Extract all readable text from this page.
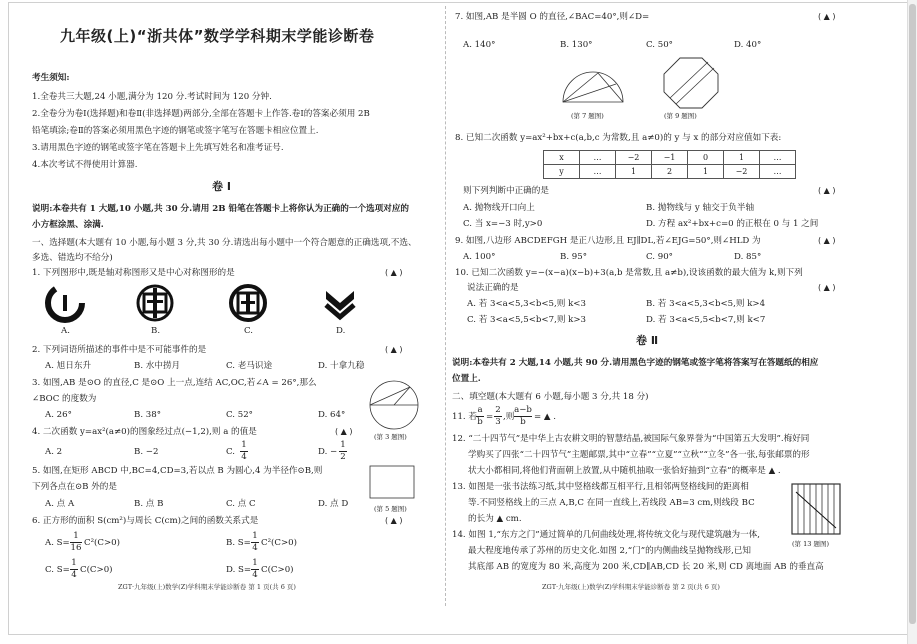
九年级(上)“浙共体”数学学科期末学能诊断卷
考生须知:
1.全卷共三大题,24 小题,满分为 120 分.考试时间为 120 分钟.
2.全卷分为卷Ⅰ(选择题)和卷Ⅱ(非选择题)两部分,全部在答题卡上作答.卷Ⅰ的答案必须用 2B
铅笔填涂;卷Ⅱ的答案必须用黑色字迹的钢笔或签字笔写在答题卡相应位置上.
3.请用黑色字迹的钢笔或签字笔在答题卡上先填写姓名和准考证号.
4.本次考试不得使用计算器.
卷 Ⅰ
说明:本卷共有 1 大题,10 小题,共 30 分.请用 2B 铅笔在答题卡上将你认为正确的一个选项对应的
小方框涂黑、涂满.
一、选择题(本大题有 10 小题,每小题 3 分,共 30 分.请选出每小题中一个符合题意的正确选项,不选、
多选、错选均不给分)
1. 下列图形中,既是轴对称图形又是中心对称图形的是	( ▲ )
A.	B.	C.	D.
2. 下列词语所描述的事件中是不可能事件的是	( ▲ )
A. 旭日东升	B. 水中捞月	C. 老马识途	D. 十拿九稳
3. 如图,AB 是⊙O 的直径,C 是⊙O 上一点,连结 AC,OC,若∠A = 26°,那么
∠BOC 的度数为
A. 26°	B. 38°	C. 52°	D. 64°
(第 3 题图)
4. 二次函数 y=ax²(a≠0)的图象经过点(−1,2),则 a 的值是	( ▲ )
A. 2	B. −2	C. $\frac{1}{4}$	D. − $\frac{1}{2}$
5. 如图,在矩形 ABCD 中,BC=4,CD=3,若以点 B 为圆心,4 为半径作⊙B,则
下列各点在⊙B 外的是
A. 点 A	B. 点 B	C. 点 C	D. 点 D	(第 5 题图)
6. 正方形的面积 S(cm²)与周长 C(cm)之间的函数关系式是	( ▲ )
A. $S= \frac{1}{16} C^2(C>0)$	B. $S= \frac{1}{4} C^2(C>0)$
C. $S= \frac{1}{4} C(C>0)$	D. $S= \frac{1}{4} C(C>0)$
ZGT·九年级(上)数学(Z)学科期末学能诊断卷 第 1 页(共 6 页)
7. 如图,AB 是半圆 O 的直径,∠BAC=40°,则∠D=	( ▲ )
A. 140°	B. 130°	C. 50°	D. 40°
(第 7 题图)	(第 9 题图)
8. 已知二次函数 y=ax²+bx+c(a,b,c 为常数,且 a≠0)的 y 与 x 的部分对应值如下表:
x	…	−2	−1	0	1	…
y	…	1	2	1	−2	…
则下列判断中正确的是	( ▲ )
A. 抛物线开口向上	B. 抛物线与 y 轴交于负半轴
C. 当 x=−3 时,y>0	D. 方程 ax²+bx+c=0 的正根在 0 与 1 之间
9. 如图,八边形 ABCDEFGH 是正八边形,且 EJ∥DL,若∠EJG=50°,则∠HLD 为	( ▲ )
A. 100°	B. 95°	C. 90°	D. 85°
10. 已知二次函数 y=−(x−a)(x−b)+3(a,b 是常数,且 a≠b),设该函数的最大值为 k,则下列
说法正确的是	( ▲ )
A. 若 3<a<5,3<b<5,则 k<3	B. 若 3<a<5,3<b<5,则 k>4
C. 若 3<a<5,5<b<7,则 k>3	D. 若 3<a<5,5<b<7,则 k<7
卷 Ⅱ
说明:本卷共有 2 大题,14 小题,共 90 分.请用黑色字迹的钢笔或签字笔将答案写在答题纸的相应
位置上.
二、填空题(本大题有 6 小题,每小题 3 分,共 18 分)
11. 若 $\frac{a}{b} = \frac{2}{3}$ ,则 $\frac{a-b}{b}$ = ▲ .
12. “二十四节气”是中华上古农耕文明的智慧结晶,被国际气象界誉为“中国第五大发明”.梅好同
学购买了四张“二十四节气”主题邮票,其中“立春”“立夏”“立秋”“立冬”各一张,每张邮票的形
状大小都相同,将他们背面朝上放置,从中随机抽取一张恰好抽到“立春”的概率是 ▲ .
13. 如图是一张书法练习纸,其中竖格线都互相平行,且相邻两竖格线间的距离相
等.不同竖格线上的三点 A,B,C 在同一直线上,若线段 AB=3 cm,则线段 BC
的长为 ▲ cm.
(第 13 题图)
14. 如图 1,“东方之门”通过简单的几何曲线处理,将传统文化与现代建筑融为一体,
最大程度地传承了苏州的历史文化.如图 2,“门”的内侧曲线呈抛物线形,已知
其底部 AB 的宽度为 80 米,高度为 200 米,CD∥AB,CD 长 20 米,则 CD 离地面 AB 的垂直高
ZGT·九年级(上)数学(Z)学科期末学能诊断卷 第 2 页(共 6 页)
